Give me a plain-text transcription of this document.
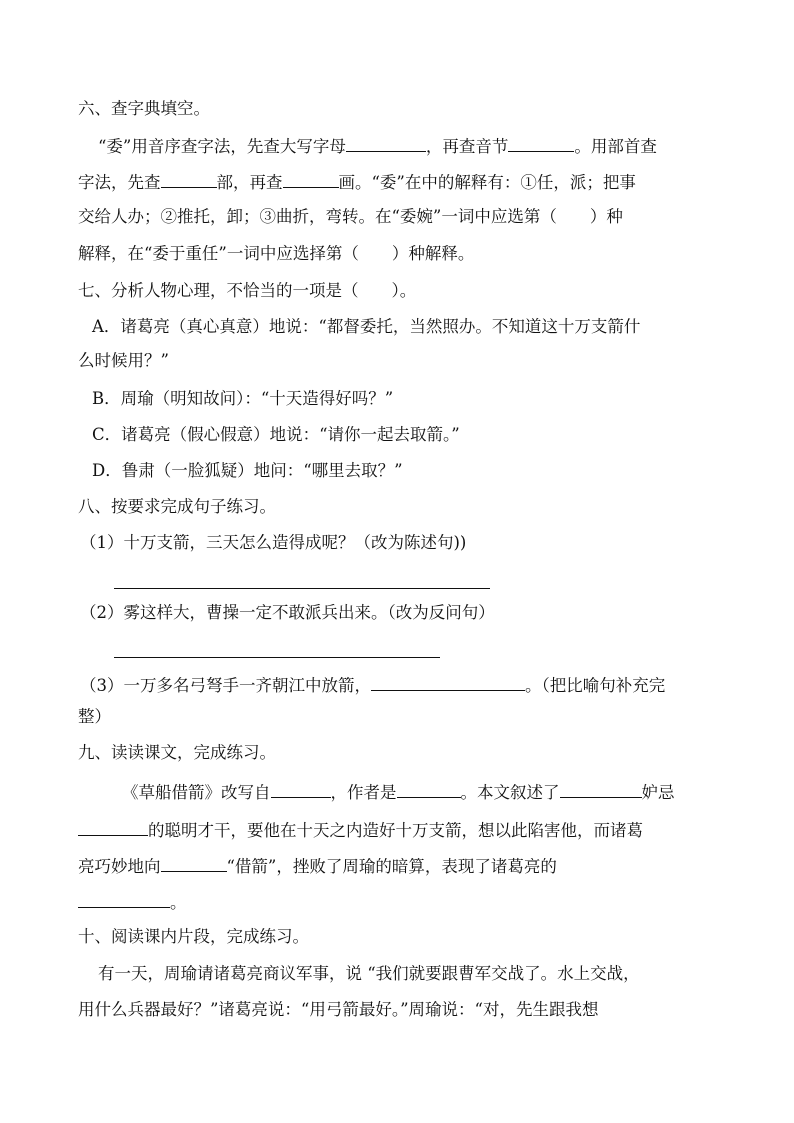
六、查字典填空。
“委”用音序查字法，先查大写字母	，再查音节	。用部首查
字法，先查	部，再查	画。“委”在中的解释有：①任，派；把事
交给人办；②推托，卸；③曲折，弯转。在“委婉”一词中应选第（　　）种
解释，在“委于重任”一词中应选择第（　　）种解释。
七、分析人物心理，不恰当的一项是（　　）。
A．诸葛亮（真心真意）地说：“都督委托，当然照办。不知道这十万支箭什
么时候用？”
B．周瑜（明知故问）：“十天造得好吗？”
C．诸葛亮（假心假意）地说：“请你一起去取箭。”
D．鲁肃（一脸狐疑）地问：“哪里去取？”
八、按要求完成句子练习。
（1）十万支箭，三天怎么造得成呢？（改为陈述句))
（2）雾这样大，曹操一定不敢派兵出来。（改为反问句）
（3）一万多名弓弩手一齐朝江中放箭，	。（把比喻句补充完
整）
九、读读课文，完成练习。
《草船借箭》改写自	，作者是	。本文叙述了	妒忌
的聪明才干，要他在十天之内造好十万支箭，想以此陷害他，而诸葛
亮巧妙地向	“借箭”，挫败了周瑜的暗算，表现了诸葛亮的
。
十、阅读课内片段，完成练习。
有一天，周瑜请诸葛亮商议军事，说 “我们就要跟曹军交战了。水上交战，
用什么兵器最好？”诸葛亮说：“用弓箭最好。”周瑜说：“对，先生跟我想
